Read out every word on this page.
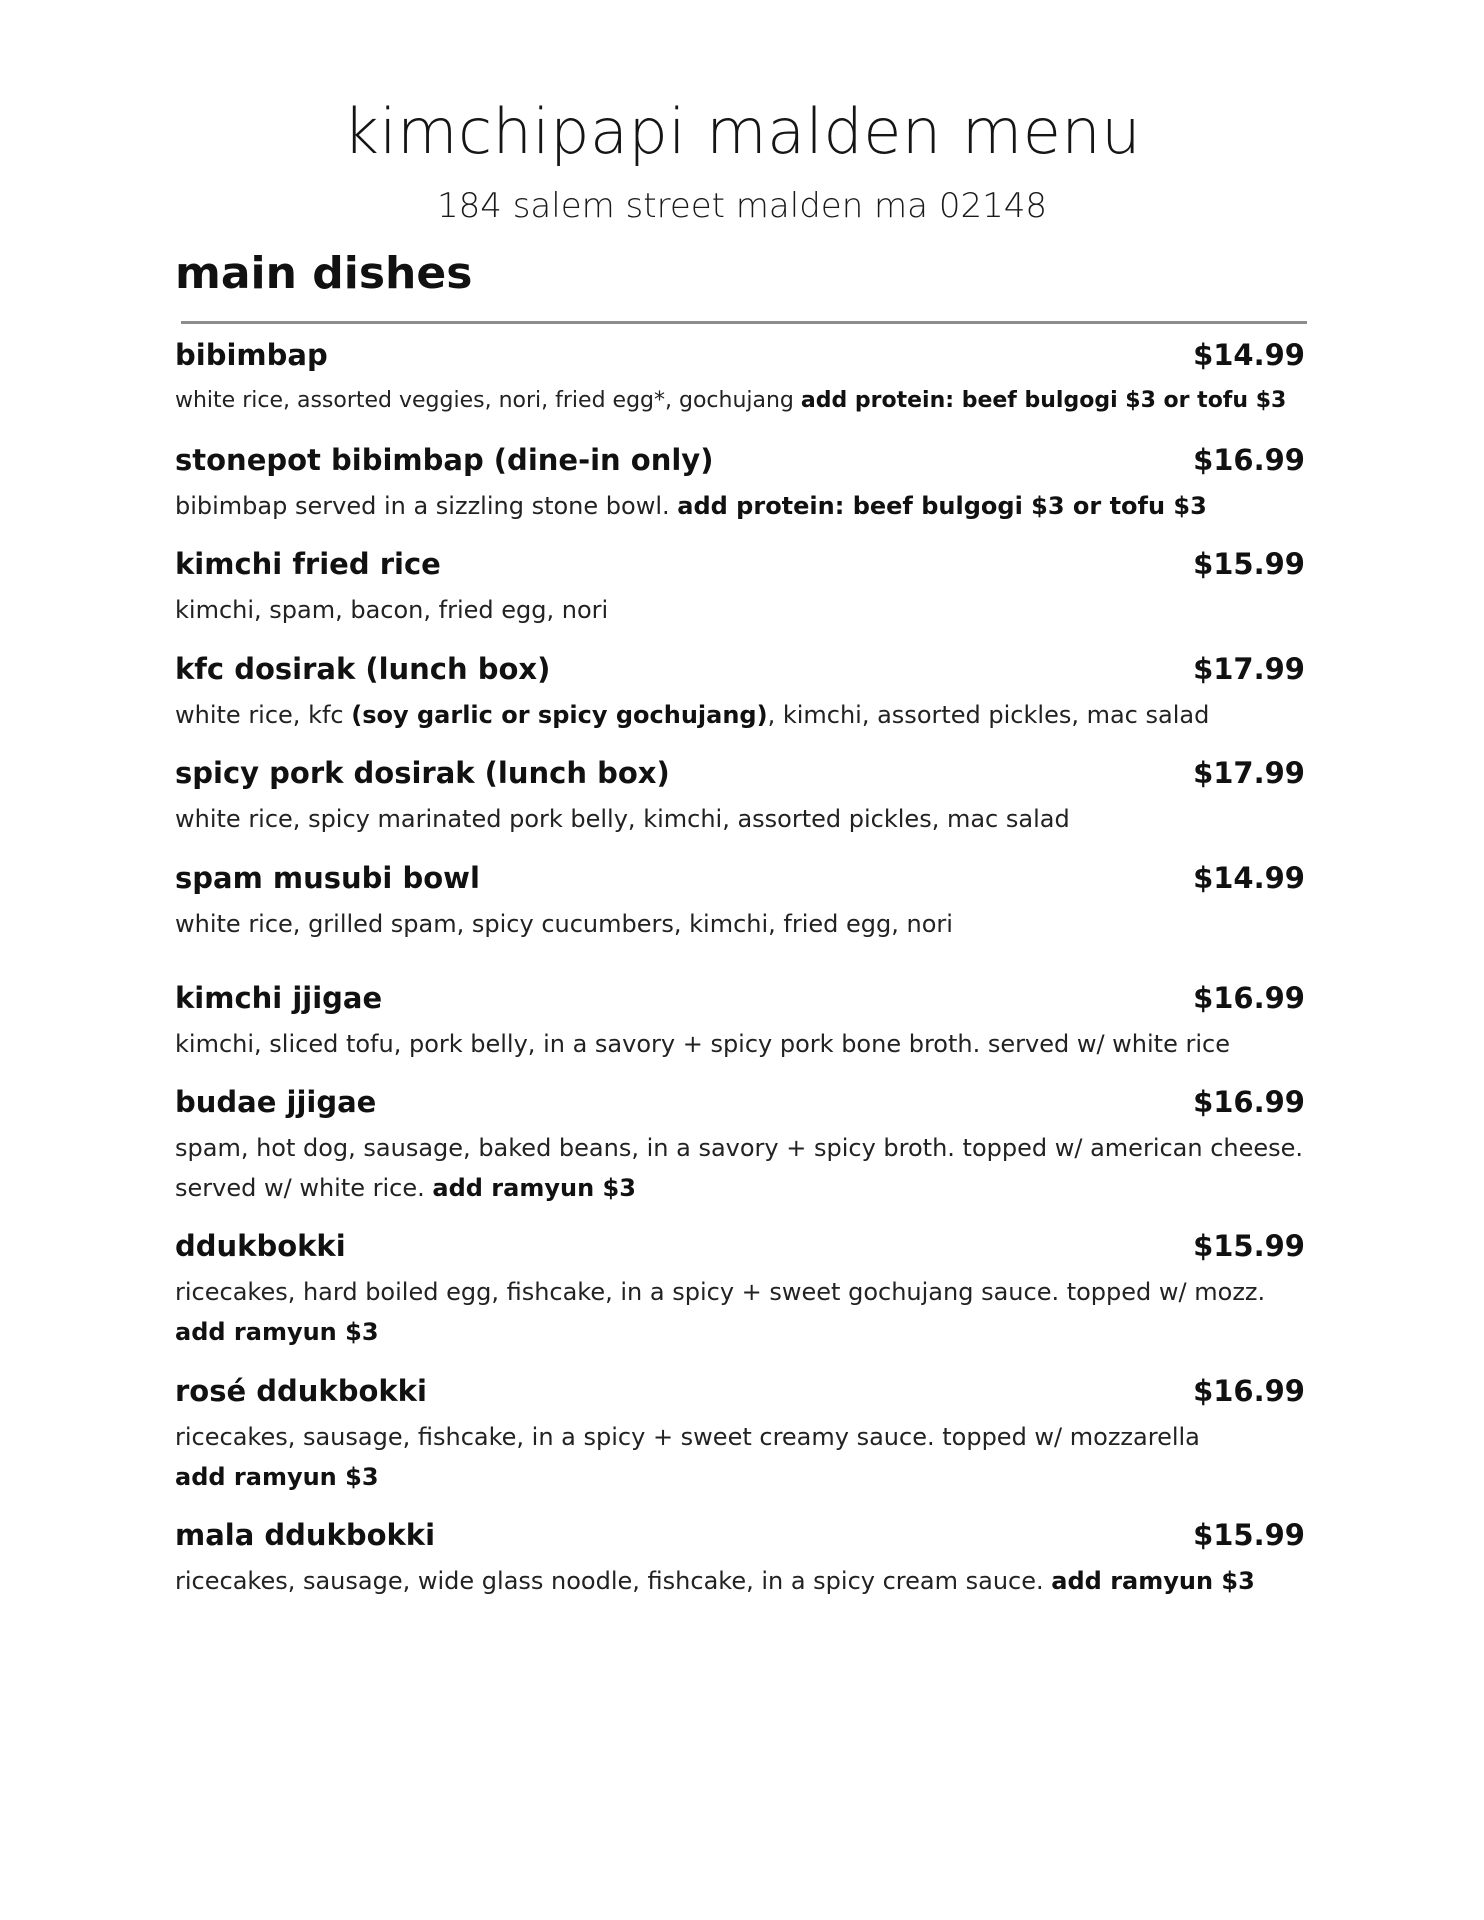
kimchipapi malden menu
184 salem street malden ma 02148
main dishes
bibimbap	$14.99
white rice, assorted veggies, nori, fried egg*, gochujang add protein: beef bulgogi $3 or tofu $3
stonepot bibimbap (dine-in only)	$16.99
bibimbap served in a sizzling stone bowl. add protein: beef bulgogi $3 or tofu $3
kimchi fried rice	$15.99
kimchi, spam, bacon, fried egg, nori
kfc dosirak (lunch box)	$17.99
white rice, kfc (soy garlic or spicy gochujang), kimchi, assorted pickles, mac salad
spicy pork dosirak (lunch box)	$17.99
white rice, spicy marinated pork belly, kimchi, assorted pickles, mac salad
spam musubi bowl	$14.99
white rice, grilled spam, spicy cucumbers, kimchi, fried egg, nori
kimchi jjigae	$16.99
kimchi, sliced tofu, pork belly, in a savory + spicy pork bone broth. served w/ white rice
budae jjigae	$16.99
spam, hot dog, sausage, baked beans, in a savory + spicy broth. topped w/ american cheese.
served w/ white rice. add ramyun $3
ddukbokki	$15.99
ricecakes, hard boiled egg, fishcake, in a spicy + sweet gochujang sauce. topped w/ mozz.
add ramyun $3
rosé ddukbokki	$16.99
ricecakes, sausage, fishcake, in a spicy + sweet creamy sauce. topped w/ mozzarella
add ramyun $3
mala ddukbokki	$15.99
ricecakes, sausage, wide glass noodle, fishcake, in a spicy cream sauce. add ramyun $3
